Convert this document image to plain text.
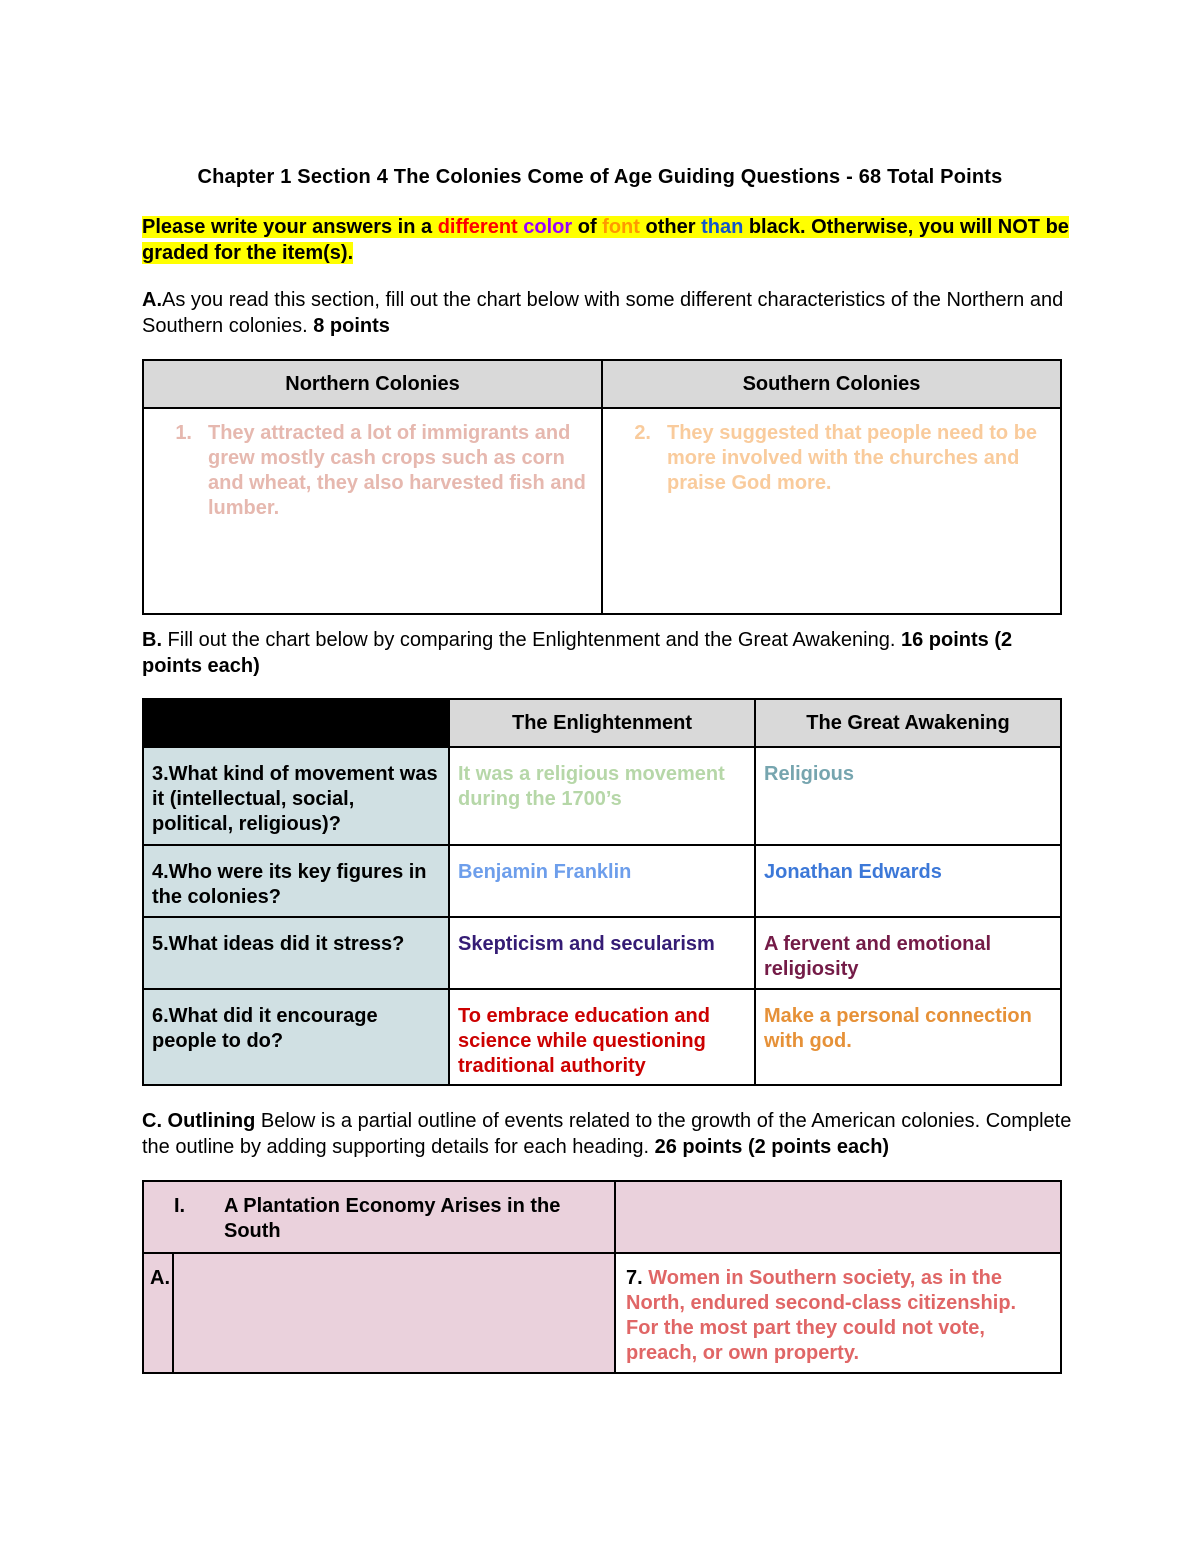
Chapter 1 Section 4 The Colonies Come of Age Guiding Questions - 68 Total Points
Please write your answers in a different color of font other than black. Otherwise, you will NOT be graded for the item(s).
A.As you read this section, fill out the chart below with some different characteristics of the Northern and Southern colonies. 8 points
Northern Colonies	Southern Colonies

1. They attracted a lot of immigrants and grew mostly cash crops such as corn and wheat, they also harvested fish and lumber.	2. They suggested that people need to be more involved with the churches and praise God more.
B. Fill out the chart below by comparing the Enlightenment and the Great Awakening. 16 points (2 points each)
	The Enlightenment	The Great Awakening
3.What kind of movement was it (intellectual, social, political, religious)?	It was a religious movement during the 1700’s	Religious
4.Who were its key figures in the colonies?	Benjamin Franklin	Jonathan Edwards
5.What ideas did it stress?	Skepticism and secularism	A fervent and emotional religiosity
6.What did it encourage people to do?	To embrace education and science while questioning traditional authority	Make a personal connection with god.
C. Outlining Below is a partial outline of events related to the growth of the American colonies. Complete the outline by adding supporting details for each heading. 26 points (2 points each)
I. A Plantation Economy Arises in the South		

A.		7. Women in Southern society, as in the North, endured second-class citizenship. For the most part they could not vote, preach, or own property.
